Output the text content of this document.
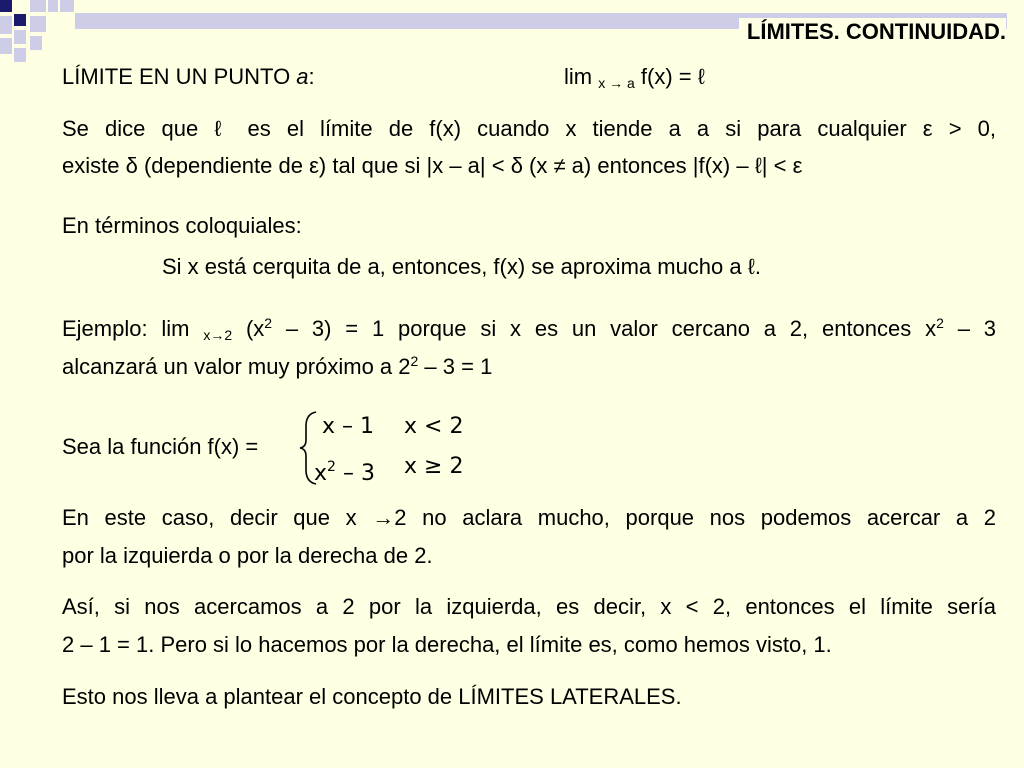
LÍMITES. CONTINUIDAD.
LÍMITE EN UN PUNTO a:	lim $_{x \to a}$ f(x) = ℓ
Se dice que ℓ es el límite de f(x) cuando x tiende a a si para cualquier ε > 0,
existe δ (dependiente de ε) tal que si |x – a| < δ (x ≠ a) entonces |f(x) – ℓ| < ε
En términos coloquiales:
Si x está cerquita de a, entonces, f(x) se aproxima mucho a ℓ.
Ejemplo: lim $_{x\to 2}$ $(x^2 - 3) = 1$ porque si x es un valor cercano a 2, entonces $x^2 - 3$
alcanzará un valor muy próximo a $2^2 - 3 = 1$
Sea la función f(x) =
x – 1 x < 2
$x^2 - 3$ x ≥ 2
En este caso, decir que x →2 no aclara mucho, porque nos podemos acercar a 2
por la izquierda o por la derecha de 2.
Así, si nos acercamos a 2 por la izquierda, es decir, x < 2, entonces el límite sería
2 – 1 = 1. Pero si lo hacemos por la derecha, el límite es, como hemos visto, 1.
Esto nos lleva a plantear el concepto de LÍMITES LATERALES.
